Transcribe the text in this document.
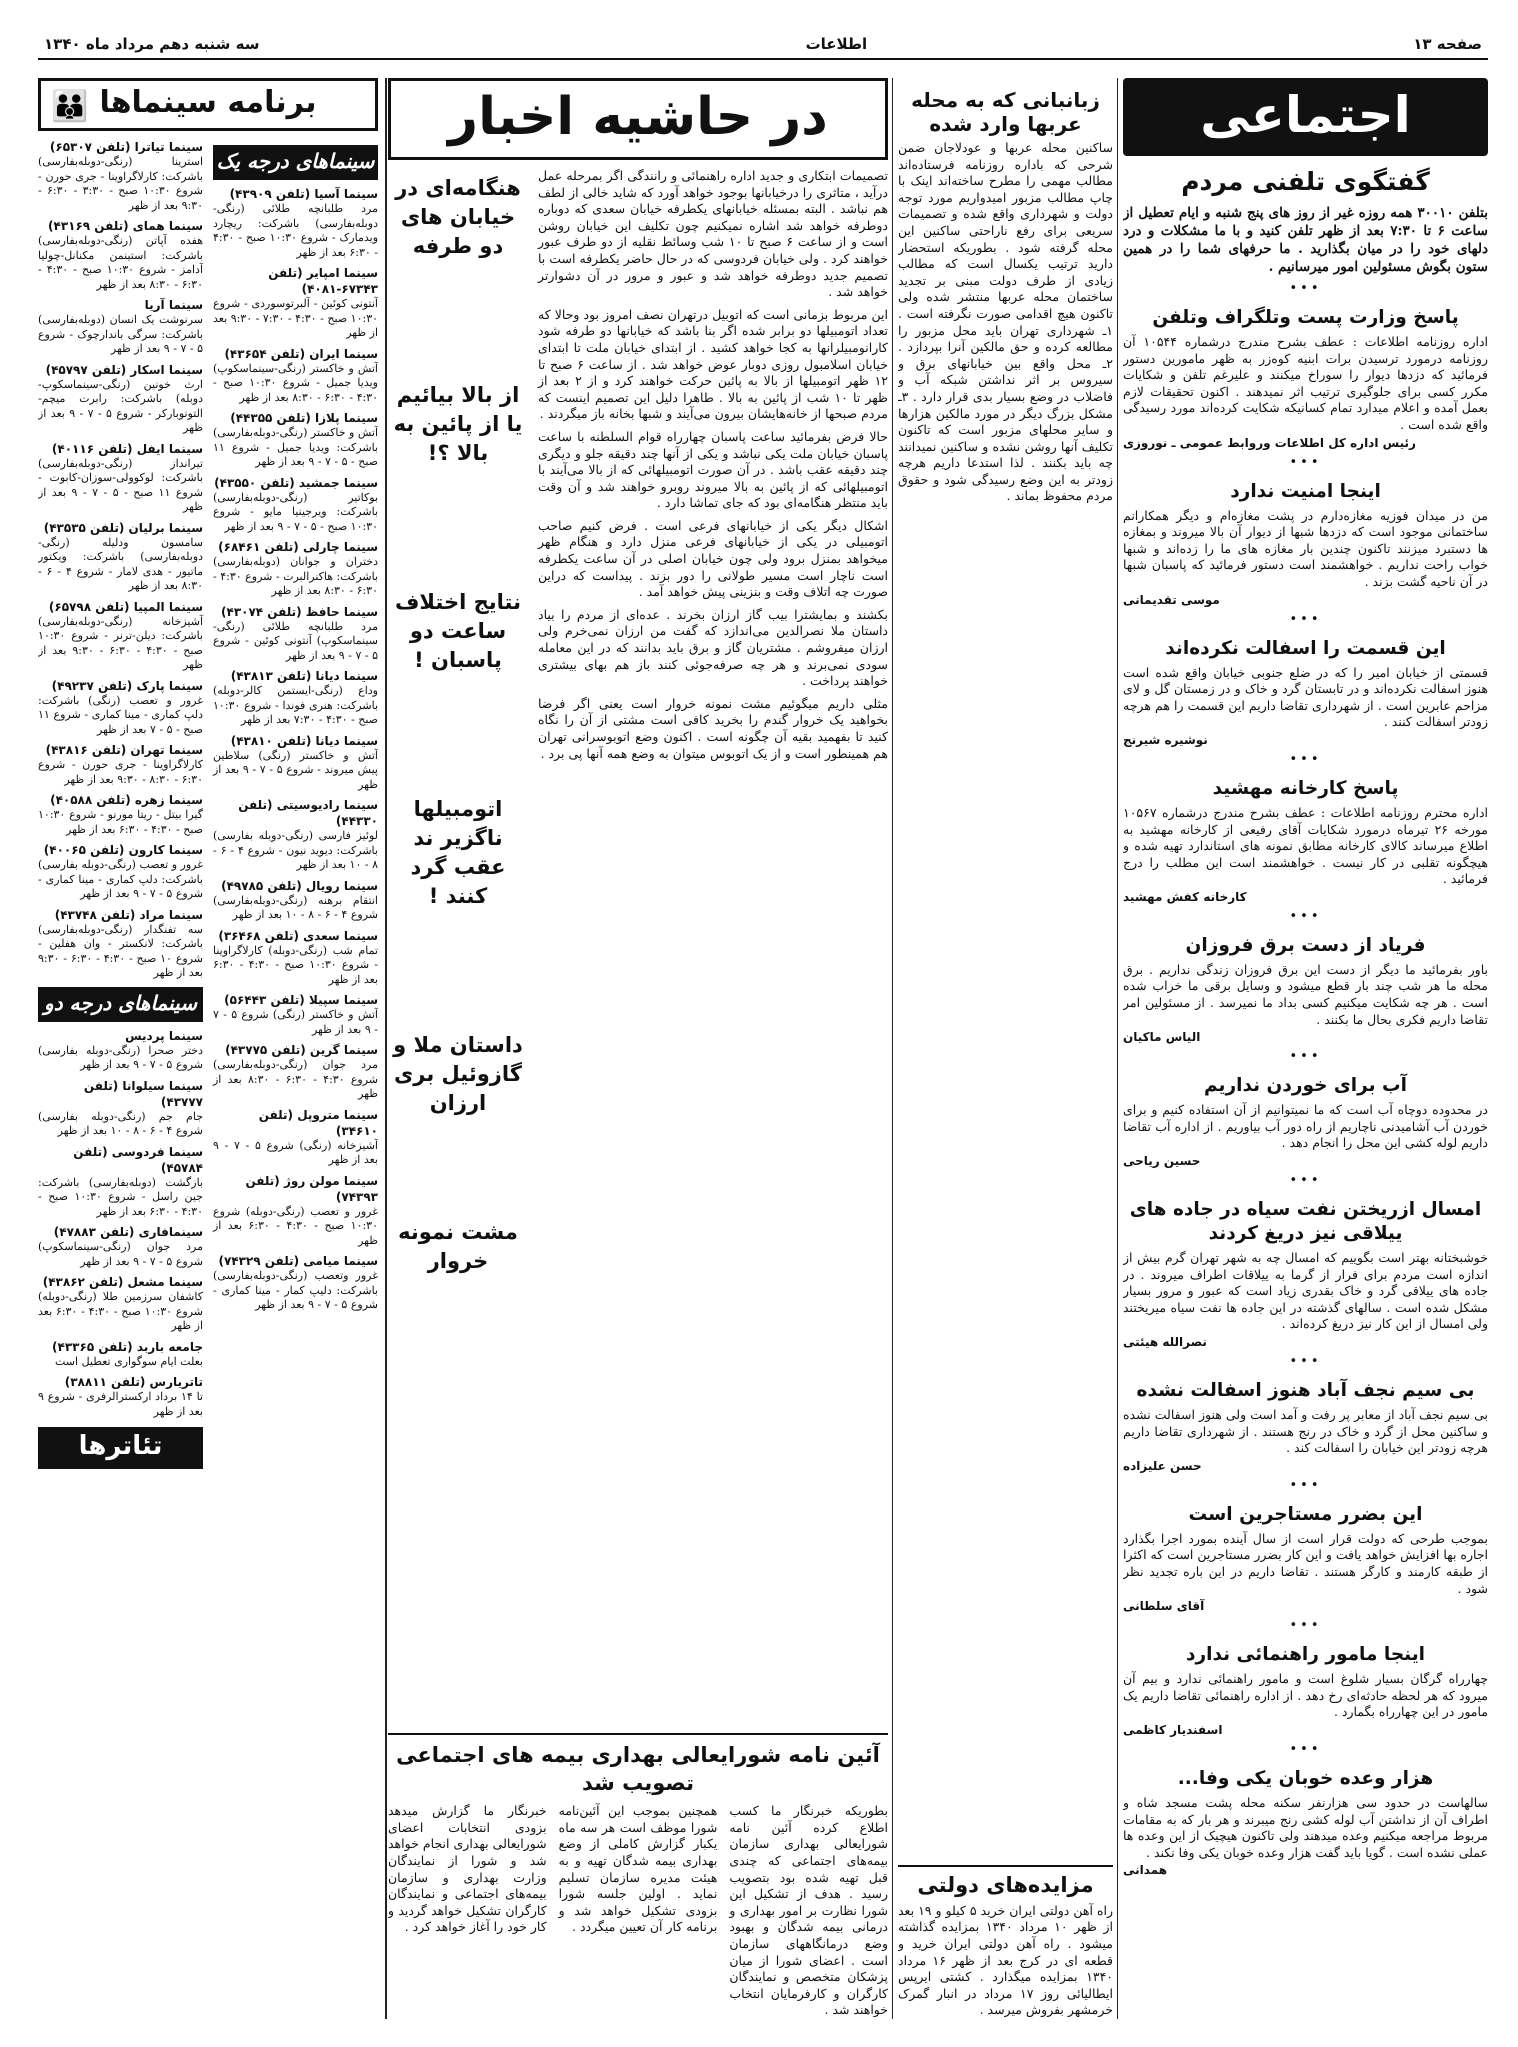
صفحه ۱۳
اطلاعات
سه شنبه دهم مرداد ماه ۱۳۴۰
اجتماعی
گفتگوی تلفنی مردم

بتلفن ۳۰۰۱۰ همه روزه غیر از روز های پنج شنبه و ایام تعطیل از ساعت ۶ تا ۷:۳۰ بعد از ظهر تلفن کنید و با ما مشکلات و درد دلهای خود را در میان بگذارید . ما حرفهای شما را در همین ستون بگوش مسئولین امور میرسانیم .

•••
پاسخ وزارت پست وتلگراف وتلفن

اداره روزنامه اطلاعات : عطف بشرح مندرج درشماره ۱۰۵۴۴ آن روزنامه درمورد ترسیدن برات ابنیه کوه‌زر به ظهر مامورین دستور فرمائید که دزدها دیوار را سوراخ میکنند و علیرغم تلفن و شکایات مکرر کسی برای جلوگیری ترتیب اثر نمیدهند . اکنون تحقیقات لازم بعمل آمده و اعلام میدارد تمام کسانیکه شکایت کرده‌اند مورد رسیدگی واقع شده است .

رئیس اداره کل اطلاعات وروابط عمومی ـ نوروزی
•••
اینجا امنیت ندارد

من در میدان فوزیه مغازه‌دارم در پشت مغازه‌ام و دیگر همکارانم ساختمانی موجود است که دزدها شبها از دیوار آن بالا میروند و بمغازه ها دستبرد میزنند تاکنون چندین بار مغازه های ما را زده‌اند و شبها خواب راحت نداریم . خواهشمند است دستور فرمائید که پاسبان شبها در آن ناحیه گشت بزند .

موسی تقدیمانی
•••
این قسمت را اسفالت نکرده‌اند

قسمتی از خیابان امیر را که در ضلع جنوبی خیابان واقع شده است هنوز اسفالت نکرده‌اند و در تابستان گرد و خاک و در زمستان گل و لای مزاحم عابرین است . از شهرداری تقاضا داریم این قسمت را هم هرچه زودتر اسفالت کنند .

نوشیره شیرنج
•••
پاسخ کارخانه مهشید

اداره محترم روزنامه اطلاعات : عطف بشرح مندرج درشماره ۱۰۵۶۷ مورخه ۲۶ تیرماه درمورد شکایات آقای رفیعی از کارخانه مهشید به اطلاع میرساند کالای کارخانه مطابق نمونه های استاندارد تهیه شده و هیچگونه تقلبی در کار نیست . خواهشمند است این مطلب را درج فرمائید .

کارخانه کفش مهشید
•••
فریاد از دست برق فروزان

باور بفرمائید ما دیگر از دست این برق فروزان زندگی نداریم . برق محله ما هر شب چند بار قطع میشود و وسایل برقی ما خراب شده است . هر چه شکایت میکنیم کسی بداد ما نمیرسد . از مسئولین امر تقاضا داریم فکری بحال ما بکنند .

الیاس ماکیان
•••
آب برای خوردن نداریم

در محدوده دوچاه آب است که ما نمیتوانیم از آن استفاده کنیم و برای خوردن آب آشامیدنی ناچاریم از راه دور آب بیاوریم . از اداره آب تقاضا داریم لوله کشی این محل را انجام دهد .

حسین ریاحی
•••
امسال ازریختن نفت سیاه در جاده های ییلاقی نیز دریغ کردند

خوشبختانه بهتر است بگوییم که امسال چه به شهر تهران گرم بیش از اندازه است مردم برای فرار از گرما به ییلاقات اطراف میروند . در جاده های ییلاقی گرد و خاک بقدری زیاد است که عبور و مرور بسیار مشکل شده است . سالهای گذشته در این جاده ها نفت سیاه میریختند ولی امسال از این کار نیز دریغ کرده‌اند .

نصرالله هیئتی
•••
بی سیم نجف آباد هنوز اسفالت نشده

بی سیم نجف آباد از معابر پر رفت و آمد است ولی هنوز اسفالت نشده و ساکنین محل از گرد و خاک در رنج هستند . از شهرداری تقاضا داریم هرچه زودتر این خیابان را اسفالت کند .

حسن علیزاده
•••
این بضرر مستاجرین است

بموجب طرحی که دولت قرار است از سال آینده بمورد اجرا بگذارد اجاره بها افزایش خواهد یافت و این کار بضرر مستاجرین است که اکثرا از طبقه کارمند و کارگر هستند . تقاضا داریم در این باره تجدید نظر شود .

آقای سلطانی
•••
اینجا مامور راهنمائی ندارد

چهارراه گرگان بسیار شلوغ است و مامور راهنمائی ندارد و بیم آن میرود که هر لحظه حادثه‌ای رخ دهد . از اداره راهنمائی تقاضا داریم یک مامور در این چهارراه بگمارد .

اسفندیار کاظمی
•••
هزار وعده خوبان یکی وفا...

سالهاست در حدود سی هزارنفر سکنه محله پشت مسجد شاه و اطراف آن از نداشتن آب لوله کشی رنج میبرند و هر بار که به مقامات مربوط مراجعه میکنیم وعده میدهند ولی تاکنون هیچیک از این وعده ها عملی نشده است . گویا باید گفت هزار وعده خوبان یکی وفا نکند .

همدانی
زبانبانی که به محله عربها وارد شده

ساکنین محله عربها و عودلاجان ضمن شرحی که باداره روزنامه فرستاده‌اند مطالب مهمی را مطرح ساخته‌اند اینک با چاپ مطالب مزبور امیدواریم مورد توجه دولت و شهرداری واقع شده و تصمیمات سریعی برای رفع ناراحتی ساکنین این محله گرفته شود . بطوریکه استحضار دارید ترتیب یکسال است که مطالب زیادی از طرف دولت مبنی بر تجدید ساختمان محله عربها منتشر شده ولی تاکنون هیچ اقدامی صورت نگرفته است . ۱ـ شهرداری تهران باید محل مزبور را مطالعه کرده و حق مالکین آنرا بپردازد . ۲ـ محل واقع بین خیابانهای برق و سیروس بر اثر نداشتن شبکه آب و فاضلاب در وضع بسیار بدی قرار دارد . ۳ـ مشکل بزرگ دیگر در مورد مالکین هزارها و سایر محلهای مزبور است که تاکنون تکلیف آنها روشن نشده و ساکنین نمیدانند چه باید بکنند . لذا استدعا داریم هرچه زودتر به این وضع رسیدگی شود و حقوق مردم محفوظ بماند .

مزایده‌های دولتی

راه آهن دولتی ایران خرید ۵ کیلو و ۱۹ بعد از ظهر ۱۰ مرداد ۱۳۴۰ بمزایده گذاشته میشود . راه آهن دولتی ایران خرید و قطعه ای در کرج بعد از ظهر ۱۶ مرداد ۱۳۴۰ بمزایده میگذارد . کشتی ایرپس ایطالیائی روز ۱۷ مرداد در انبار گمرک خرمشهر بفروش میرسد .

در حاشیه اخبار

تصمیمات ابتکاری و جدید اداره راهنمائی و رانندگی اگر بمرحله عمل درآید ، متاثری را درخیابانها بوجود خواهد آورد که شاید خالی از لطف هم نباشد . البته بمسئله خیابانهای یکطرفه خیابان سعدی که دوباره دوطرفه خواهد شد اشاره نمیکنیم چون تکلیف این خیابان روشن است و از ساعت ۶ صبح تا ۱۰ شب وسائط نقلیه از دو طرف عبور خواهند کرد . ولی خیابان فردوسی که در حال حاضر یکطرفه است با تصمیم جدید دوطرفه خواهد شد و عبور و مرور در آن دشوارتر خواهد شد .

این مربوط بزمانی است که اتوبیل درتهران نصف امروز بود وحالا که تعداد اتومبیلها دو برابر شده اگر بنا باشد که خیابانها دو طرفه شود کارانومبیلرانها به کجا خواهد کشید . از ابتدای خیابان ملت تا ابتدای خیابان اسلامبول روزی دوبار عوض خواهد شد . از ساعت ۶ صبح تا ۱۲ ظهر اتومبیلها از بالا به پائین حرکت خواهند کرد و از ۲ بعد از ظهر تا ۱۰ شب از پائین به بالا . طاهرا دلیل این تصمیم اینست که مردم صبحها از خانه‌هایشان بیرون می‌آیند و شبها بخانه باز میگردند .

حالا فرض بفرمائید ساعت پاسبان چهارراه قوام السلطنه با ساعت پاسبان خیابان ملت یکی نباشد و یکی از آنها چند دقیقه جلو و دیگری چند دقیقه عقب باشد . در آن صورت اتومبیلهائی که از بالا می‌آیند با اتومبیلهائی که از پائین به بالا میروند روبرو خواهند شد و آن وقت باید منتظر هنگامه‌ای بود که جای تماشا دارد .

اشکال دیگر یکی از خیابانهای فرعی است . فرض کنیم صاحب اتومبیلی در یکی از خیابانهای فرعی منزل دارد و هنگام ظهر میخواهد بمنزل برود ولی چون خیابان اصلی در آن ساعت یکطرفه است ناچار است مسیر طولانی را دور بزند . پیداست که دراین صورت چه اتلاف وقت و بنزینی پیش خواهد آمد .

بکشند و بمایشترا بیب گاز ارزان بخرند . عده‌ای از مردم را بیاد داستان ملا نصرالدین می‌اندازد که گفت من ارزان نمی‌خرم ولی ارزان میفروشم . مشتریان گاز و برق باید بدانند که در این معامله سودی نمی‌برند و هر چه صرفه‌جوئی کنند باز هم بهای بیشتری خواهند پرداخت .

مثلی داریم میگوئیم مشت نمونه خروار است یعنی اگر فرضا بخواهید یک خروار گندم را بخرید کافی است مشتی از آن را نگاه کنید تا بفهمید بقیه آن چگونه است . اکنون وضع اتوبوسرانی تهران هم همینطور است و از یک اتوبوس میتوان به وضع همه آنها پی برد .

هنگامه‌ای در خیابان های دو طرفه
از بالا بیائیم یا از پائین به بالا ؟!
نتایج اختلاف ساعت دو پاسبان !
اتومبیلها ناگزیر ند عقب گرد کنند !
داستان ملا و گازوئیل بری ارزان
مشت نمونه خروار
آئین نامه شورایعالی بهداری بیمه های اجتماعی تصویب شد

بطوریکه خبرنگار ما کسب اطلاع کرده آئین نامه شورایعالی بهداری سازمان بیمه‌های اجتماعی که چندی قبل تهیه شده بود بتصویب رسید . هدف از تشکیل این شورا نظارت بر امور بهداری و درمانی بیمه شدگان و بهبود وضع درمانگاههای سازمان است . اعضای شورا از میان پزشکان متخصص و نمایندگان کارگران و کارفرمایان انتخاب خواهند شد .

همچنین بموجب این آئین‌نامه شورا موظف است هر سه ماه یکبار گزارش کاملی از وضع بهداری بیمه شدگان تهیه و به هیئت مدیره سازمان تسلیم نماید . اولین جلسه شورا بزودی تشکیل خواهد شد و برنامه کار آن تعیین میگردد .

خبرنگار ما گزارش میدهد بزودی انتخابات اعضای شورایعالی بهداری انجام خواهد شد و شورا از نمایندگان وزارت بهداری و سازمان بیمه‌های اجتماعی و نمایندگان کارگران تشکیل خواهد گردید و کار خود را آغاز خواهد کرد .

برنامه سینماها
👪
سینماهای درجه یک
سینما آسیا (تلفن ۴۳۹۰۹)
مرد طلبانچه طلائی (رنگی-دوبله‌بفارسی) باشرکت: ریچارد ویدمارک - شروع ۱۰:۳۰ صبح - ۴:۳۰ - ۶:۳۰ بعد از ظهر
سینما امپایر (تلفن ۶۷۳۴۳-۴۰۸۱)
آنتونی کوئین - آلبرتوسوردی - شروع ۱۰:۳۰ صبح - ۴:۳۰ - ۷:۳۰ - ۹:۳۰ بعد از ظهر
سینما ایران (تلفن ۴۳۶۵۴)
آتش و خاکستر (رنگی-سینماسکوپ) ویدیا جمیل - شروع ۱۰:۳۰ صبح - ۴:۳۰ - ۶:۳۰ - ۸:۳۰ بعد از ظهر
سینما پلازا (تلفن ۴۴۳۵۵)
آتش و خاکستر (رنگی-دوبله‌بفارسی) باشرکت: ویدیا جمیل - شروع ۱۱ صبح - ۵ - ۷ - ۹ بعد از ظهر
سینما جمشید (تلفن ۴۳۵۵۰)
بوکاتیر (رنگی-دوبله‌بفارسی) باشرکت: ویرجینیا مایو - شروع ۱۰:۳۰ صبح - ۵ - ۷ - ۹ بعد از ظهر
سینما چارلی (تلفن ۶۸۴۶۱)
دختران و جوانان (دوبله‌بفارسی) باشرکت: هاکنرالبرت - شروع ۴:۳۰ - ۶:۳۰ - ۸:۳۰ بعد از ظهر
سینما حافظ (تلفن ۴۳۰۷۴)
مرد طلبانچه طلائی (رنگی-سینماسکوپ) آنتونی کوئین - شروع ۵ - ۷ - ۹ بعد از ظهر
سینما دیانا (تلفن ۴۳۸۱۳)
وداع (رنگی-ایستمن کالر-دوبله) باشرکت: هنری فوندا - شروع ۱۰:۳۰ صبح - ۴:۳۰ - ۷:۳۰ بعد از ظهر
سینما دیانا (تلفن ۴۳۸۱۰)
آتش و خاکستر (رنگی) سلاطین پیش میروند - شروع ۵ - ۷ - ۹ بعد از ظهر
سینما رادیوسیتی (تلفن ۴۴۳۳۰)
لوئیز فارسی (رنگی-دوبله بفارسی) باشرکت: دیوید نیون - شروع ۴ - ۶ - ۸ - ۱۰ بعد از ظهر
سینما رویال (تلفن ۴۹۷۸۵)
انتقام برهنه (رنگی-دوبله‌بفارسی) شروع ۴ - ۶ - ۸ - ۱۰ بعد از ظهر
سینما سعدی (تلفن ۳۶۴۶۸)
تمام شب (رنگی-دوبله) کارلاگراوینا - شروع ۱۰:۳۰ صبح - ۴:۳۰ - ۶:۳۰ بعد از ظهر
سینما سپیلا (تلفن ۵۶۴۴۳)
آتش و خاکستر (رنگی) شروع ۵ - ۷ - ۹ بعد از ظهر
سینما گرین (تلفن ۴۳۷۷۵)
مرد جوان (رنگی-دوبله‌بفارسی) شروع ۴:۳۰ - ۶:۳۰ - ۸:۳۰ بعد از ظهر
سینما متروپل (تلفن ۳۴۶۱۰)
آشیزخانه (رنگی) شروع ۵ - ۷ - ۹ بعد از ظهر
سینما مولن روژ (تلفن ۷۴۳۹۳)
غرور و تعصب (رنگی-دوبله) شروع ۱۰:۳۰ صبح - ۴:۳۰ - ۶:۳۰ بعد از ظهر
سینما میامی (تلفن ۷۴۳۲۹)
غرور وتعصب (رنگی-دوبله‌بفارسی) باشرکت: دلیپ کمار - مینا کماری - شروع ۵ - ۷ - ۹ بعد از ظهر
سینما تیاترا (تلفن ۶۵۳۰۷)
استرینا (رنگی-دوبله‌بفارسی) باشرکت: کارلاگراوینا - جری حورن - شروع ۱۰:۳۰ صبح - ۳:۳۰ - ۶:۳۰ - ۹:۳۰ بعد از ظهر
سینما همای (تلفن ۴۳۱۶۹)
هفده آپاتن (رنگی-دوبله‌بفارسی) باشرکت: استینمن مکنانل-چولیا آدامز - شروع ۱۰:۳۰ صبح - ۴:۳۰ - ۶:۳۰ - ۸:۳۰ بعد از ظهر
سینما آریا
سرنوشت یک انسان (دوبله‌بفارسی) باشرکت: سرگی باندارچوک - شروع ۵ - ۷ - ۹ بعد از ظهر
سینما اسکار (تلفن ۴۵۷۹۷)
ارث خونین (رنگی-سینماسکوپ-دوبله) باشرکت: رابرت میچم-التونوبارکر - شروع ۵ - ۷ - ۹ بعد از ظهر
سینما ایفل (تلفن ۴۰۱۱۶)
تیرانداز (رنگی-دوبله‌بفارسی) باشرکت: لوکوولی-سوزان-کابوت - شروع ۱۱ صبح - ۵ - ۷ - ۹ بعد از ظهر
سینما برلیان (تلفن ۴۳۵۳۵)
سامسون ودلیله (رنگی-دوبله‌بفارسی) باشرکت: ویکتور ماتیور - هدی لامار - شروع ۴ - ۶ - ۸:۳۰ بعد از ظهر
سینما المپیا (تلفن ۶۵۷۹۸)
آشیزخانه (رنگی-دوبله‌بفارسی) باشرکت: دیلن-ترنر - شروع ۱۰:۳۰ صبح - ۴:۳۰ - ۶:۳۰ - ۹:۳۰ بعد از ظهر
سینما پارک (تلفن ۴۹۲۳۷)
غرور و تعصب (رنگی) باشرکت: دلپ کماری - مینا کماری - شروع ۱۱ صبح - ۵ - ۷ بعد از ظهر
سینما تهران (تلفن ۴۳۸۱۶)
کارلاگراوینا - جری حورن - شروع ۶:۳۰ - ۸:۳۰ - ۹:۳۰ بعد از ظهر
سینما زهره (تلفن ۴۰۵۸۸)
گیرا بیتل - ریتا مورنو - شروع ۱۰:۳۰ صبح - ۴:۳۰ - ۶:۳۰ بعد از ظهر
سینما کارون (تلفن ۴۰۰۶۵)
غرور و تعصب (رنگی-دوبله بفارسی) باشرکت: دلپ کماری - مینا کماری - شروع ۵ - ۷ - ۹ بعد از ظهر
سینما مراد (تلفن ۴۳۷۴۸)
سه تفنگدار (رنگی-دوبله‌بفارسی) باشرکت: لانکستر - وان هفلین - شروع ۱۰ صبح - ۴:۳۰ - ۶:۳۰ - ۹:۳۰ بعد از ظهر
سینماهای درجه دو
سینما پردیس
دختر صحرا (رنگی-دوبله بفارسی) شروع ۵ - ۷ - ۹ بعد از ظهر
سینما سیلوانا (تلفن ۴۳۷۷۷)
جام جم (رنگی-دوبله بفارسی) شروع ۴ - ۶ - ۸ - ۱۰ بعد از ظهر
سینما فردوسی (تلفن ۴۵۷۸۴)
بازگشت (دوبله‌بفارسی) باشرکت: جین راسل - شروع ۱۰:۳۰ صبح - ۴:۳۰ - ۶:۳۰ بعد از ظهر
سینمافاری (تلفن ۴۷۸۸۳)
مرد جوان (رنگی-سینماسکوپ) شروع ۵ - ۷ - ۹ بعد از ظهر
سینما مشعل (تلفن ۴۳۸۶۲)
کاشفان سرزمین طلا (رنگی-دوبله) شروع ۱۰:۳۰ صبح - ۴:۳۰ - ۶:۳۰ بعد از ظهر
جامعه باربد (تلفن ۴۳۳۶۵)
بعلت ایام سوگواری تعطیل است
تاتریارس (تلفن ۳۸۸۱۱)
تا ۱۴ برداد ارکسترالرفری - شروع ۹ بعد از ظهر
تئاترها
